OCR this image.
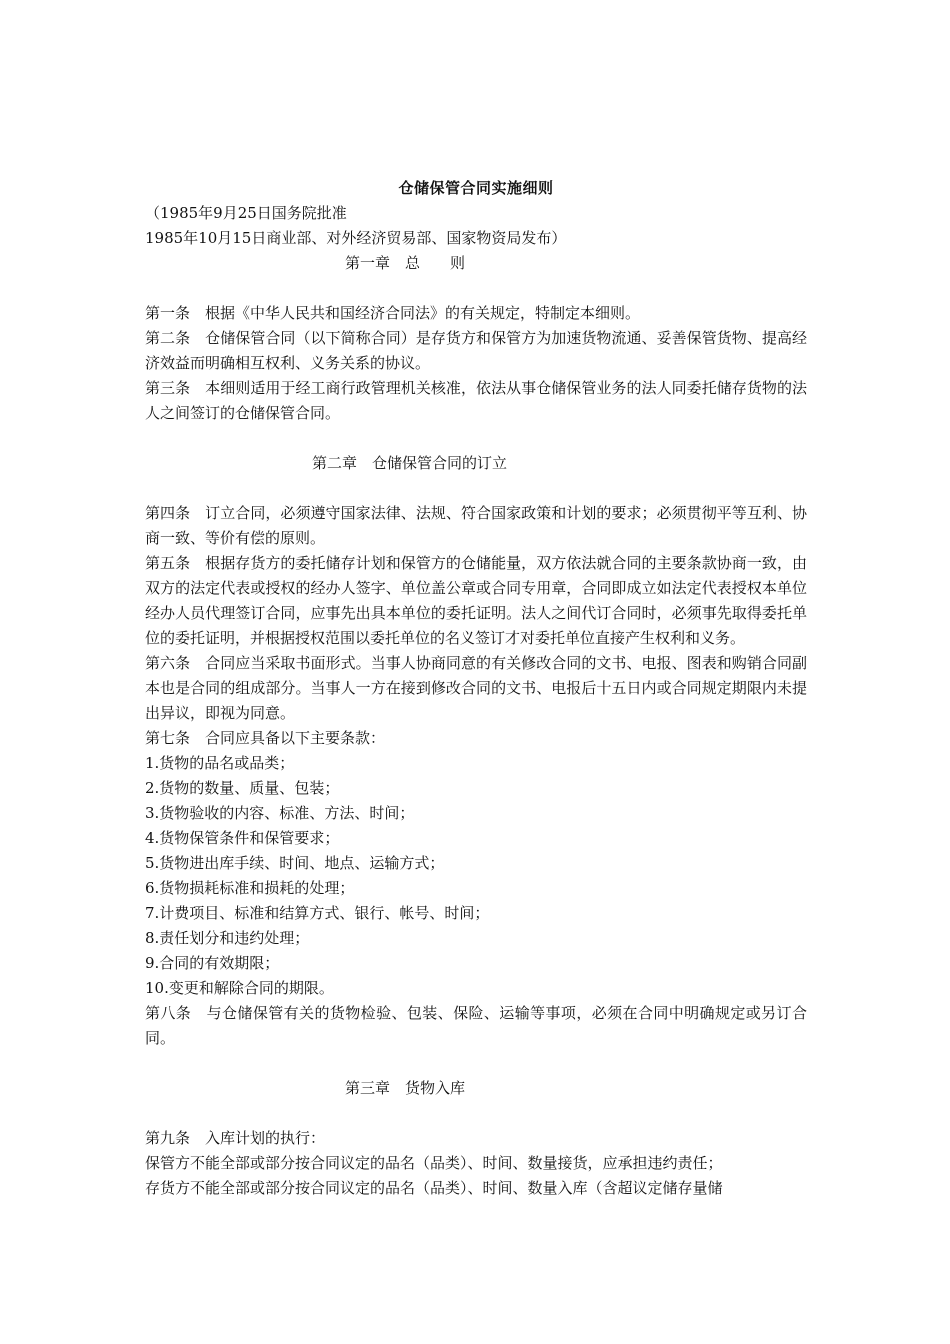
仓储保管合同实施细则

（1985年9月25日国务院批准

1985年10月15日商业部、对外经济贸易部、国家物资局发布）

第一章　总　　则

第一条　根据《中华人民共和国经济合同法》的有关规定，特制定本细则。

第二条　仓储保管合同（以下简称合同）是存货方和保管方为加速货物流通、妥善保管货物、提高经济效益而明确相互权利、义务关系的协议。

第三条　本细则适用于经工商行政管理机关核准，依法从事仓储保管业务的法人同委托储存货物的法人之间签订的仓储保管合同。

第二章　仓储保管合同的订立

第四条　订立合同，必须遵守国家法律、法规、符合国家政策和计划的要求；必须贯彻平等互利、协商一致、等价有偿的原则。

第五条　根据存货方的委托储存计划和保管方的仓储能量，双方依法就合同的主要条款协商一致，由双方的法定代表或授权的经办人签字、单位盖公章或合同专用章，合同即成立如法定代表授权本单位经办人员代理签订合同，应事先出具本单位的委托证明。法人之间代订合同时，必须事先取得委托单位的委托证明，并根据授权范围以委托单位的名义签订才对委托单位直接产生权利和义务。

第六条　合同应当采取书面形式。当事人协商同意的有关修改合同的文书、电报、图表和购销合同副本也是合同的组成部分。当事人一方在接到修改合同的文书、电报后十五日内或合同规定期限内未提出异议，即视为同意。

第七条　合同应具备以下主要条款：

1.货物的品名或品类；

2.货物的数量、质量、包装；

3.货物验收的内容、标准、方法、时间；

4.货物保管条件和保管要求；

5.货物进出库手续、时间、地点、运输方式；

6.货物损耗标准和损耗的处理；

7.计费项目、标准和结算方式、银行、帐号、时间；

8.责任划分和违约处理；

9.合同的有效期限；

10.变更和解除合同的期限。

第八条　与仓储保管有关的货物检验、包装、保险、运输等事项，必须在合同中明确规定或另订合同。

第三章　货物入库

第九条　入库计划的执行：

保管方不能全部或部分按合同议定的品名（品类）、时间、数量接货，应承担违约责任；

存货方不能全部或部分按合同议定的品名（品类）、时间、数量入库（含超议定储存量储
